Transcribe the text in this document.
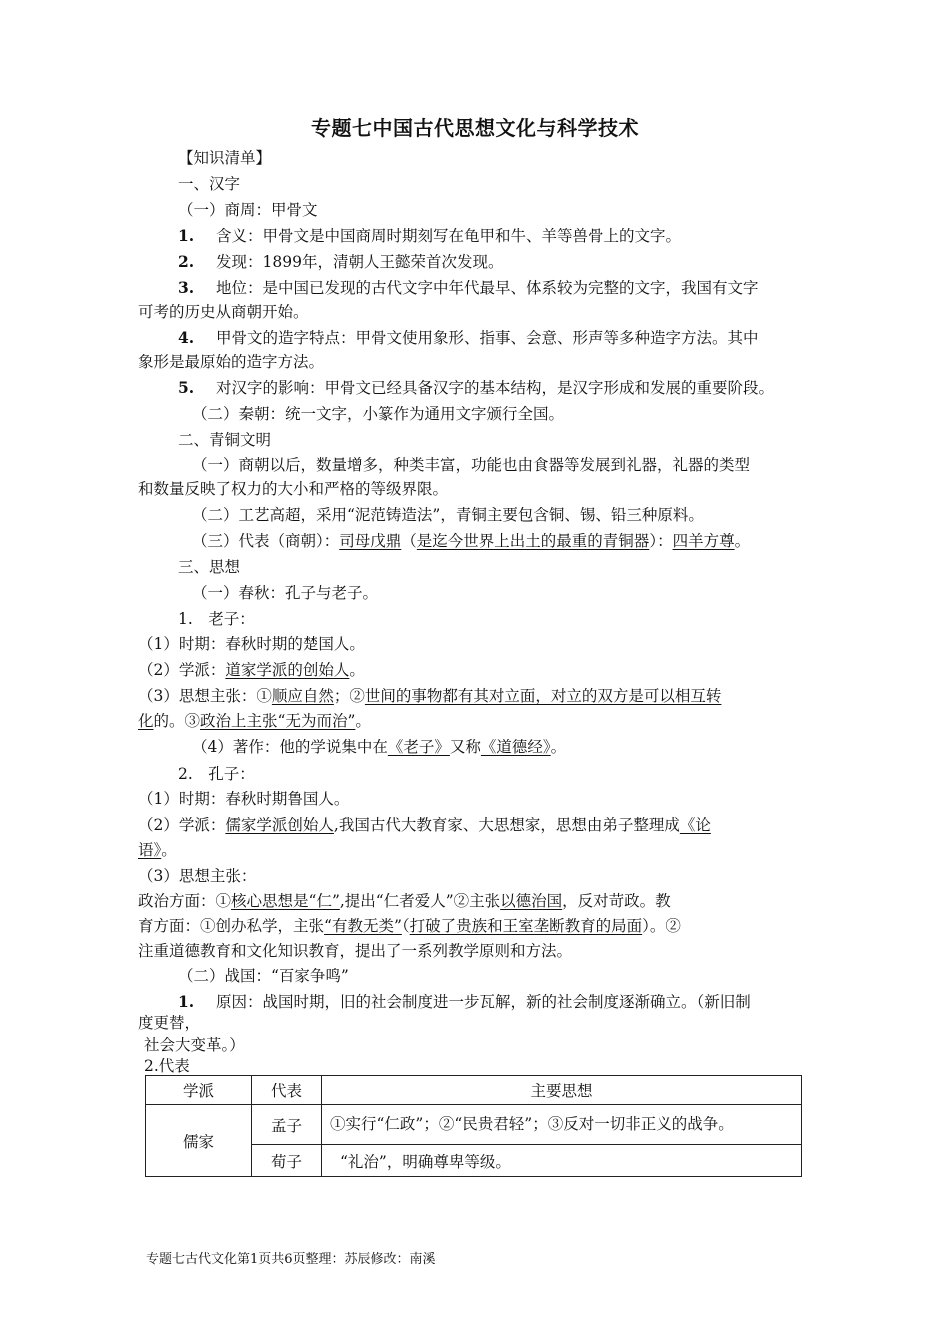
专题七中国古代思想文化与科学技术
【知识清单】
一、汉字
（一）商周：甲骨文
1. 含义：甲骨文是中国商周时期刻写在龟甲和牛、羊等兽骨上的文字。
2. 发现：1899年，清朝人王懿荣首次发现。
3. 地位：是中国已发现的古代文字中年代最早、体系较为完整的文字，我国有文字
可考的历史从商朝开始。
4. 甲骨文的造字特点：甲骨文使用象形、指事、会意、形声等多种造字方法。其中
象形是最原始的造字方法。
5. 对汉字的影响：甲骨文已经具备汉字的基本结构，是汉字形成和发展的重要阶段。
（二）秦朝：统一文字，小篆作为通用文字颁行全国。
二、青铜文明
（一）商朝以后，数量增多，种类丰富，功能也由食器等发展到礼器，礼器的类型
和数量反映了权力的大小和严格的等级界限。
（二）工艺高超，采用“泥范铸造法”，青铜主要包含铜、锡、铅三种原料。
（三）代表（商朝）：司母戊鼎（是迄今世界上出土的最重的青铜器）：四羊方尊。
三、思想
（一）春秋：孔子与老子。
1.　老子：
（1）时期：春秋时期的楚国人。
（2）学派：道家学派的创始人。
（3）思想主张：①顺应自然；②世间的事物都有其对立面，对立的双方是可以相互转
化的。③政治上主张“无为而治”。
（4）著作：他的学说集中在《老子》又称《道德经》。
2.　孔子：
（1）时期：春秋时期鲁国人。
（2）学派：儒家学派创始人,我国古代大教育家、大思想家，思想由弟子整理成《论
语》。
（3）思想主张：
政治方面：①核心思想是“仁”,提出“仁者爱人”②主张以德治国，反对苛政。教
育方面：①创办私学，主张“有教无类”（打破了贵族和王室垄断教育的局面）。②
注重道德教育和文化知识教育，提出了一系列教学原则和方法。
（二）战国：“百家争鸣”
1. 原因：战国时期，旧的社会制度进一步瓦解，新的社会制度逐渐确立。（新旧制
度更替，
社会大变革。）
2.代表
学派	代表	主要思想
儒家	孟子	①实行“仁政”；②“民贵君轻”；③反对一切非正义的战争。
	荀子	“礼治”，明确尊卑等级。
专题七古代文化第1页共6页整理：苏辰修改：南溪
